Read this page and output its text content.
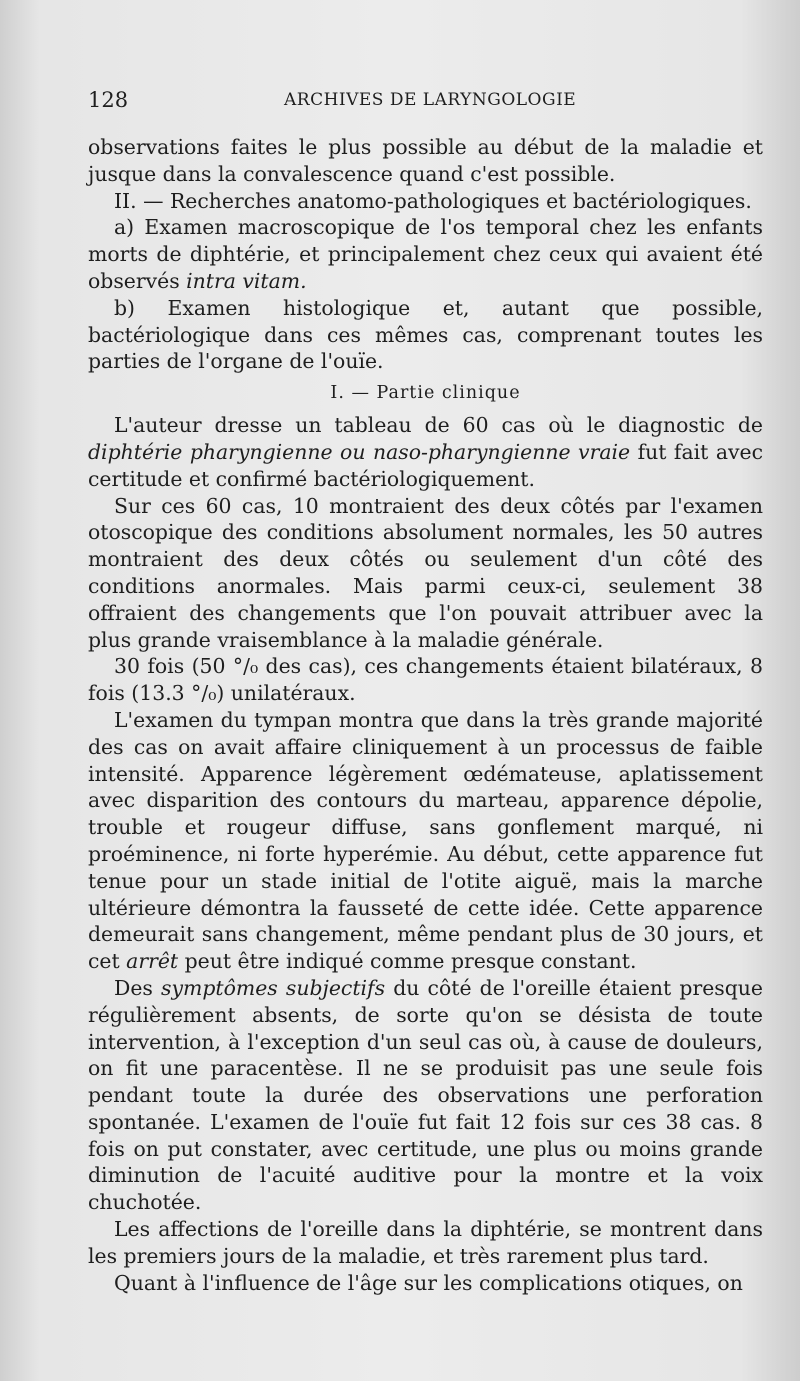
128	ARCHIVES DE LARYNGOLOGIE

observations faites le plus possible au début de la maladie et jusque dans la convalescence quand c'est possible.

II. — Recherches anatomo-pathologiques et bactériologiques.

a) Examen macroscopique de l'os temporal chez les enfants morts de diphtérie, et principalement chez ceux qui avaient été observés intra vitam.

b) Examen histologique et, autant que possible, bactériologique dans ces mêmes cas, comprenant toutes les parties de l'organe de l'ouïe.

I. — Partie clinique

L'auteur dresse un tableau de 60 cas où le diagnostic de diphtérie pharyngienne ou naso-pharyngienne vraie fut fait avec certitude et confirmé bactériologiquement.

Sur ces 60 cas, 10 montraient des deux côtés par l'examen otoscopique des conditions absolument normales, les 50 autres montraient des deux côtés ou seulement d'un côté des conditions anormales. Mais parmi ceux-ci, seulement 38 offraient des changements que l'on pouvait attribuer avec la plus grande vraisemblance à la maladie générale.

30 fois (50 °/₀ des cas), ces changements étaient bilatéraux, 8 fois (13.3 °/₀) unilatéraux.

L'examen du tympan montra que dans la très grande majorité des cas on avait affaire cliniquement à un processus de faible intensité. Apparence légèrement œdémateuse, aplatissement avec disparition des contours du marteau, apparence dépolie, trouble et rougeur diffuse, sans gonflement marqué, ni proéminence, ni forte hyperémie. Au début, cette apparence fut tenue pour un stade initial de l'otite aiguë, mais la marche ultérieure démontra la fausseté de cette idée. Cette apparence demeurait sans changement, même pendant plus de 30 jours, et cet arrêt peut être indiqué comme presque constant.

Des symptômes subjectifs du côté de l'oreille étaient presque régulièrement absents, de sorte qu'on se désista de toute intervention, à l'exception d'un seul cas où, à cause de douleurs, on fit une paracentèse. Il ne se produisit pas une seule fois pendant toute la durée des observations une perforation spontanée. L'examen de l'ouïe fut fait 12 fois sur ces 38 cas. 8 fois on put constater, avec certitude, une plus ou moins grande diminution de l'acuité auditive pour la montre et la voix chuchotée.

Les affections de l'oreille dans la diphtérie, se montrent dans les premiers jours de la maladie, et très rarement plus tard.

Quant à l'influence de l'âge sur les complications otiques, on
